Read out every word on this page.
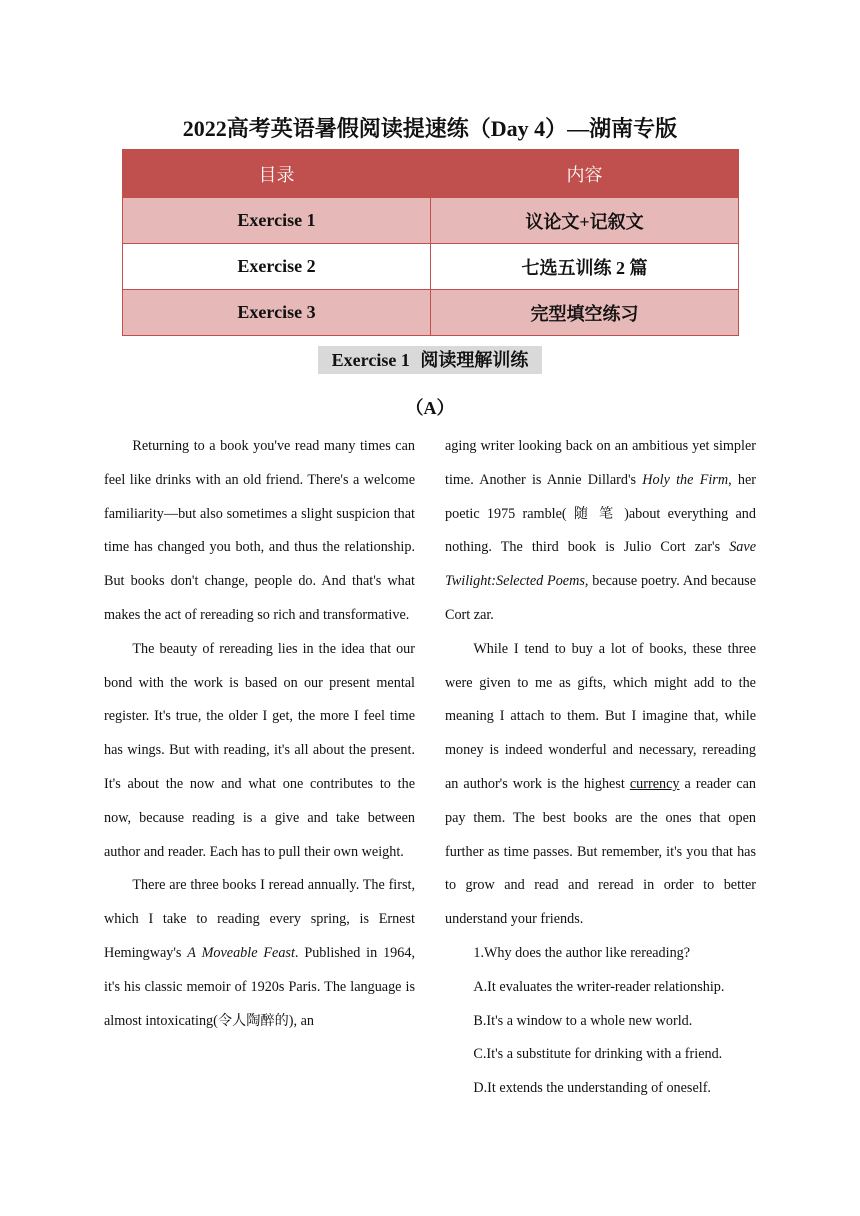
2022高考英语暑假阅读提速练（Day 4）—湖南专版
目录	内容
Exercise 1	议论文+记叙文
Exercise 2	七选五训练 2 篇
Exercise 3	完型填空练习
Exercise 1 阅读理解训练
（A）

Returning to a book you've read many times can feel like drinks with an old friend. There's a welcome familiarity—but also sometimes a slight suspicion that time has changed you both, and thus the relationship. But books don't change, people do. And that's what makes the act of rereading so rich and transformative.

The beauty of rereading lies in the idea that our bond with the work is based on our present mental register. It's true, the older I get, the more I feel time has wings. But with reading, it's all about the present. It's about the now and what one contributes to the now, because reading is a give and take between author and reader. Each has to pull their own weight.

There are three books I reread annually. The first, which I take to reading every spring, is Ernest Hemingway's A Moveable Feast. Published in 1964, it's his classic memoir of 1920s Paris. The language is almost intoxicating(令人陶醉的), an

aging writer looking back on an ambitious yet simpler time. Another is Annie Dillard's Holy the Firm, her poetic 1975 ramble( 随 笔 )about everything and nothing. The third book is Julio Cort zar's Save Twilight:Selected Poems, because poetry. And because Cort zar.

While I tend to buy a lot of books, these three were given to me as gifts, which might add to the meaning I attach to them. But I imagine that, while money is indeed wonderful and necessary, rereading an author's work is the highest currency a reader can pay them. The best books are the ones that open further as time passes. But remember, it's you that has to grow and read and reread in order to better understand your friends.

1.Why does the author like rereading?

A.It evaluates the writer-reader relationship.

B.It's a window to a whole new world.

C.It's a substitute for drinking with a friend.

D.It extends the understanding of oneself.
